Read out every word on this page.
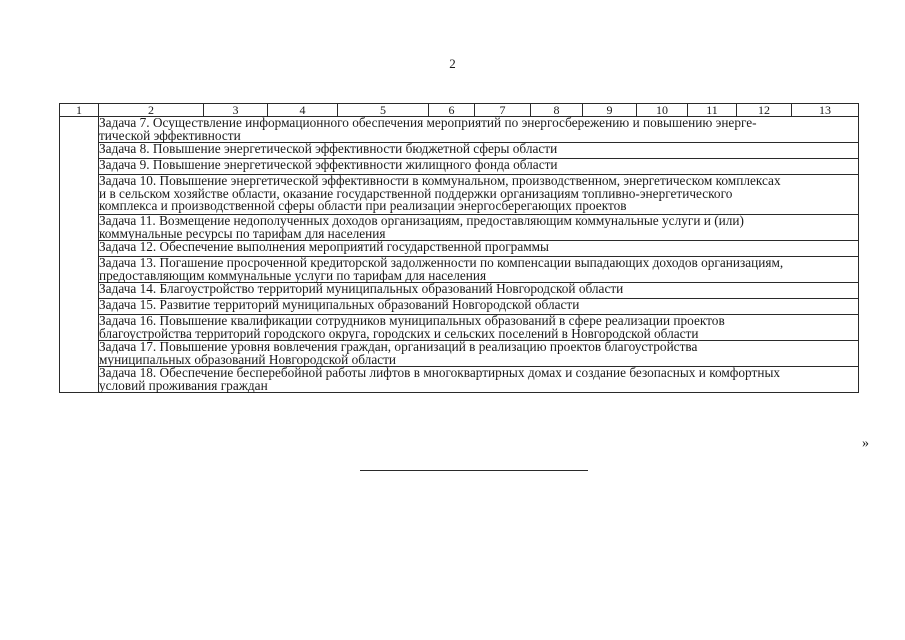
2
1	2	3	4	5	6	7	8	9	10	11	12	13
	Задача 7. Осуществление информационного обеспечения мероприятий по энергосбережению и повышению энерге-
тической эффективности											
	Задача 8. Повышение энергетической эффективности бюджетной сферы области											
	Задача 9. Повышение энергетической эффективности жилищного фонда области											
	Задача 10. Повышение энергетической эффективности в коммунальном, производственном, энергетическом комплексах
и в сельском хозяйстве области, оказание государственной поддержки организациям топливно-энергетического
комплекса и производственной сферы области при реализации энергосберегающих проектов											
	Задача 11. Возмещение недополученных доходов организациям, предоставляющим коммунальные услуги и (или)
коммунальные ресурсы по тарифам для населения											
	Задача 12. Обеспечение выполнения мероприятий государственной программы											
	Задача 13. Погашение просроченной кредиторской задолженности по компенсации выпадающих доходов организациям,
предоставляющим коммунальные услуги по тарифам для населения											
	Задача 14. Благоустройство территорий муниципальных образований Новгородской области											
	Задача 15. Развитие территорий муниципальных образований Новгородской области											
	Задача 16. Повышение квалификации сотрудников муниципальных образований в сфере реализации проектов
благоустройства территорий городского округа, городских и сельских поселений в Новгородской области											
	Задача 17. Повышение уровня вовлечения граждан, организаций в реализацию проектов благоустройства
муниципальных образований Новгородской области											
	Задача 18. Обеспечение бесперебойной работы лифтов в многоквартирных домах и создание безопасных и комфортных
условий проживания граждан											
»
